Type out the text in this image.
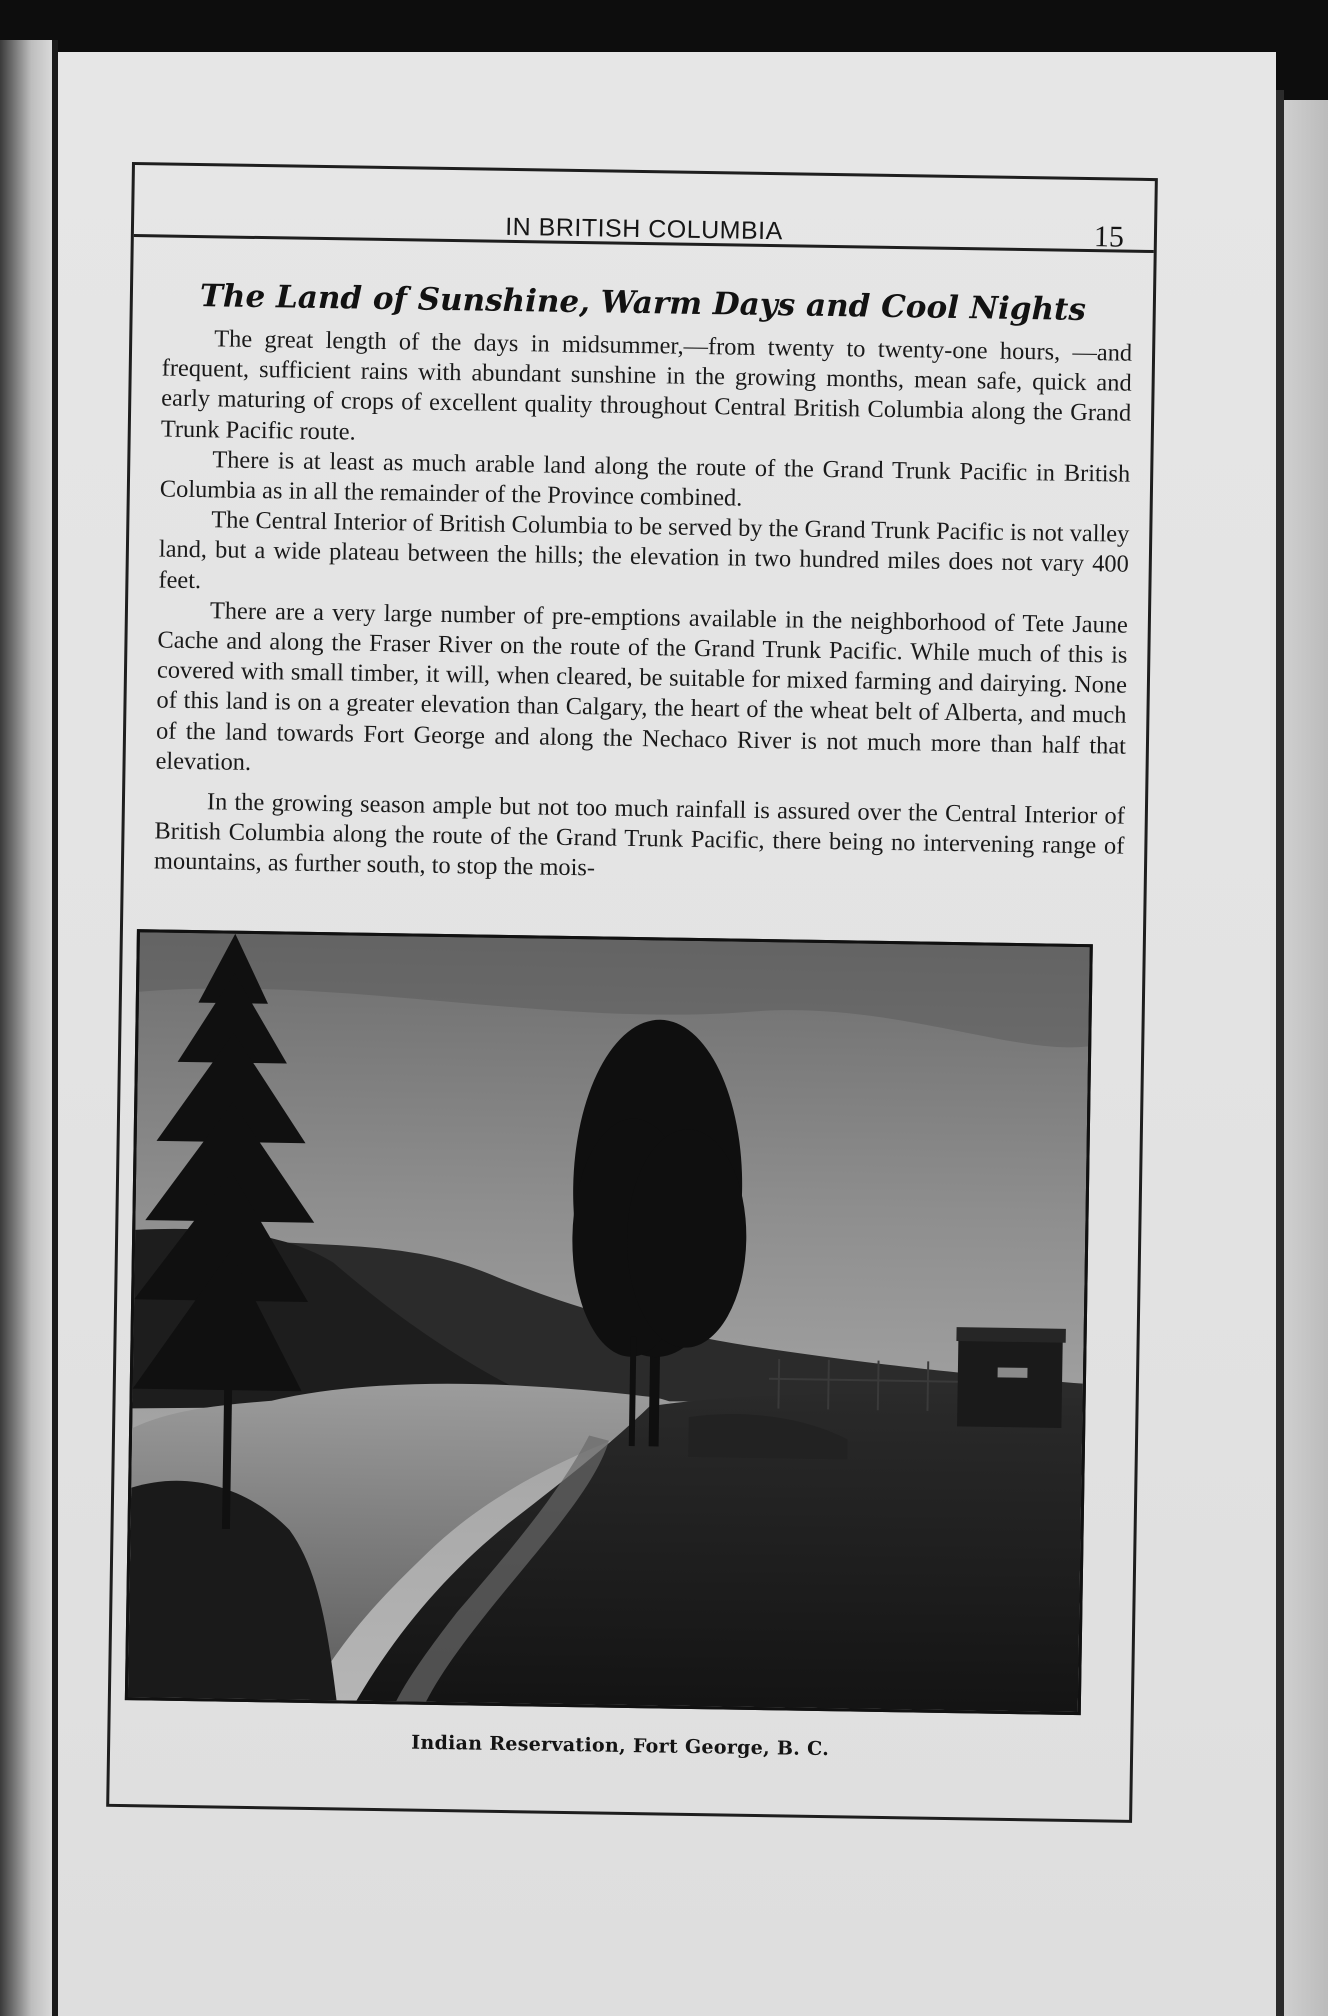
IN BRITISH COLUMBIA	15
The Land of Sunshine, Warm Days and Cool Nights

The great length of the days in midsummer,—from twenty to twenty-one hours, —and frequent, sufficient rains with abundant sunshine in the growing months, mean safe, quick and early maturing of crops of excellent quality throughout Central British Columbia along the Grand Trunk Pacific route.

There is at least as much arable land along the route of the Grand Trunk Pacific in British Columbia as in all the remainder of the Province combined.

The Central Interior of British Columbia to be served by the Grand Trunk Pacific is not valley land, but a wide plateau between the hills; the elevation in two hundred miles does not vary 400 feet.

There are a very large number of pre-emptions available in the neighborhood of Tete Jaune Cache and along the Fraser River on the route of the Grand Trunk Pacific. While much of this is covered with small timber, it will, when cleared, be suitable for mixed farming and dairying. None of this land is on a greater elevation than Calgary, the heart of the wheat belt of Alberta, and much of the land towards Fort George and along the Nechaco River is not much more than half that elevation.

In the growing season ample but not too much rainfall is assured over the Central Interior of British Columbia along the route of the Grand Trunk Pacific, there being no intervening range of mountains, as further south, to stop the mois-

Indian Reservation, Fort George, B. C.
